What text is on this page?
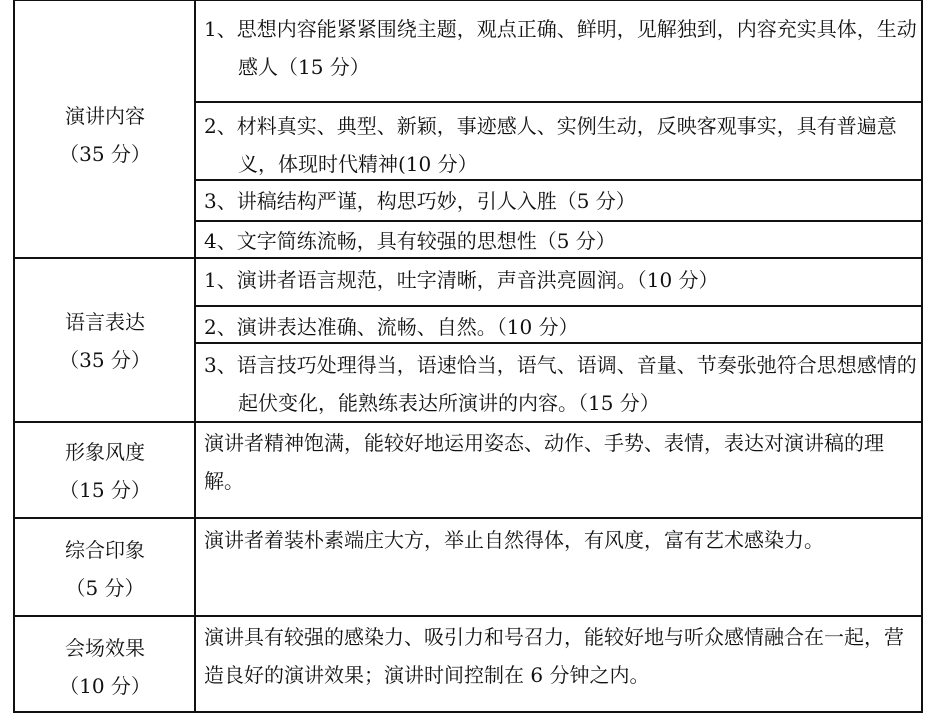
演讲内容
（35 分）
语言表达
（35 分）
形象风度
（15 分）
综合印象
（5 分）
会场效果
（10 分）
1、思想内容能紧紧围绕主题，观点正确、鲜明，见解独到，内容充实具体，生动感人（15 分）
2、材料真实、典型、新颖，事迹感人、实例生动，反映客观事实，具有普遍意义，体现时代精神(10 分）
3、讲稿结构严谨，构思巧妙，引人入胜（5 分）
4、文字简练流畅，具有较强的思想性（5 分）
1、演讲者语言规范，吐字清晰，声音洪亮圆润。（10 分）
2、演讲表达准确、流畅、自然。（10 分）
3、语言技巧处理得当，语速恰当，语气、语调、音量、节奏张弛符合思想感情的起伏变化，能熟练表达所演讲的内容。（15 分）
演讲者精神饱满，能较好地运用姿态、动作、手势、表情，表达对演讲稿的理解。
演讲者着装朴素端庄大方，举止自然得体，有风度，富有艺术感染力。
演讲具有较强的感染力、吸引力和号召力，能较好地与听众感情融合在一起，营造良好的演讲效果；演讲时间控制在 6 分钟之内。
